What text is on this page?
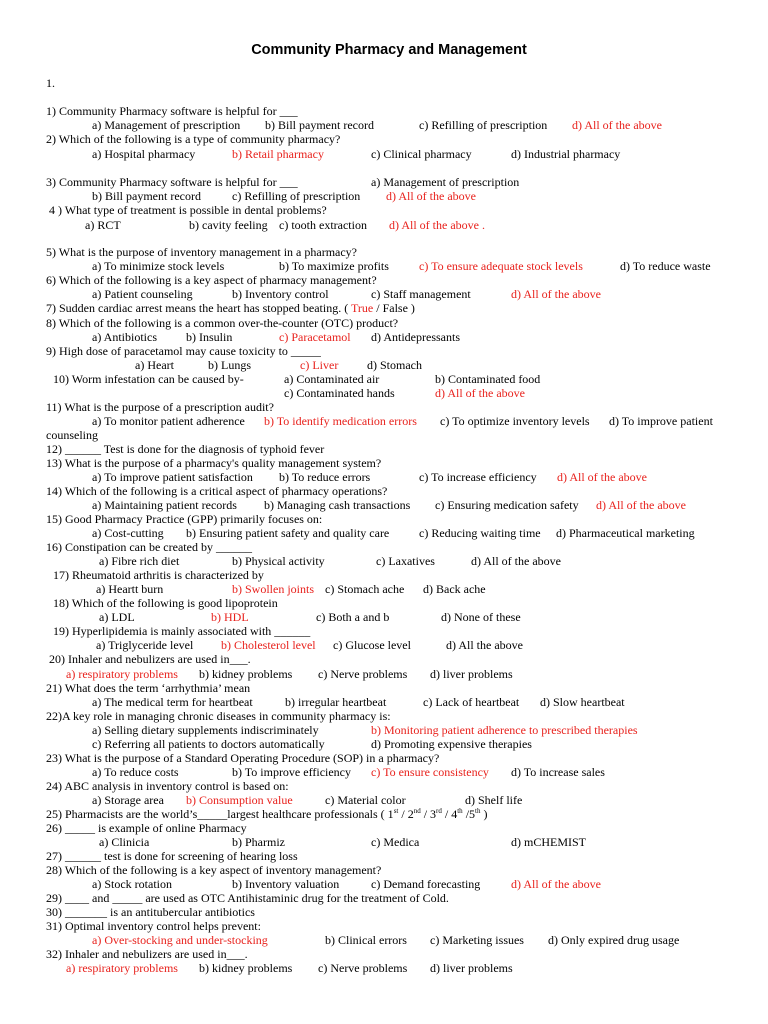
Community Pharmacy and Management
1.
1) Community Pharmacy software is helpful for ___
a) Management of prescription b) Bill payment record	c) Refilling of prescription d) All of the above
2) Which of the following is a type of community pharmacy?
a) Hospital pharmacy	b) Retail pharmacy	c) Clinical pharmacy	d) Industrial pharmacy
3) Community Pharmacy software is helpful for ___	a) Management of prescription
b) Bill payment record	c) Refilling of prescription d) All of the above
4 ) What type of treatment is possible in dental problems?
a) RCT	b) cavity feeling c) tooth extraction d) All of the above .
5) What is the purpose of inventory management in a pharmacy?
a) To minimize stock levels	b) To maximize profits	c) To ensure adequate stock levels	d) To reduce waste
6) Which of the following is a key aspect of pharmacy management?
a) Patient counseling	b) Inventory control	c) Staff management	d) All of the above
7) Sudden cardiac arrest means the heart has stopped beating. ( True / False )
8) Which of the following is a common over-the-counter (OTC) product?
a) Antibiotics b) Insulin	c) Paracetamol d) Antidepressants
9) High dose of paracetamol may cause toxicity to _____
a) Heart	b) Lungs	c) Liver d) Stomach
10) Worm infestation can be caused by-	a) Contaminated air	b) Contaminated food
c) Contaminated hands	d) All of the above
11) What is the purpose of a prescription audit?
a) To monitor patient adherence b) To identify medication errors c) To optimize inventory levels d) To improve patient
counseling
12) ______ Test is done for the diagnosis of typhoid fever
13) What is the purpose of a pharmacy's quality management system?
a) To improve patient satisfaction b) To reduce errors	c) To increase efficiency d) All of the above
14) Which of the following is a critical aspect of pharmacy operations?
a) Maintaining patient records b) Managing cash transactions c) Ensuring medication safety d) All of the above
15) Good Pharmacy Practice (GPP) primarily focuses on:
a) Cost-cutting b) Ensuring patient safety and quality care c) Reducing waiting time d) Pharmaceutical marketing
16) Constipation can be created by ______
a) Fibre rich diet	b) Physical activity	c) Laxatives	d) All of the above
17) Rheumatoid arthritis is characterized by
a) Heartt burn	b) Swollen joints c) Stomach ache d) Back ache
18) Which of the following is good lipoprotein
a) LDL	b) HDL	c) Both a and b	d) None of these
19) Hyperlipidemia is mainly associated with ______
a) Triglyceride level b) Cholesterol level c) Glucose level	d) All the above
20) Inhaler and nebulizers are used in___.
a) respiratory problems b) kidney problems c) Nerve problems d) liver problems
21) What does the term ‘arrhythmia’ mean
a) The medical term for heartbeat	b) irregular heartbeat	c) Lack of heartbeat d) Slow heartbeat
22)A key role in managing chronic diseases in community pharmacy is:
a) Selling dietary supplements indiscriminately	b) Monitoring patient adherence to prescribed therapies
c) Referring all patients to doctors automatically	d) Promoting expensive therapies
23) What is the purpose of a Standard Operating Procedure (SOP) in a pharmacy?
a) To reduce costs	b) To improve efficiency c) To ensure consistency d) To increase sales
24) ABC analysis in inventory control is based on:
a) Storage area b) Consumption value	c) Material color	d) Shelf life
25) Pharmacists are the world’s_____largest healthcare professionals ( 1st / 2nd / 3rd / 4th /5th )
26) _____ is example of online Pharmacy
a) Clinicia	b) Pharmiz	c) Medica	d) mCHEMIST
27) ______ test is done for screening of hearing loss
28) Which of the following is a key aspect of inventory management?
a) Stock rotation	b) Inventory valuation	c) Demand forecasting	d) All of the above
29) ____ and _____ are used as OTC Antihistaminic drug for the treatment of Cold.
30) _______ is an antitubercular antibiotics
31) Optimal inventory control helps prevent:
a) Over-stocking and under-stocking	b) Clinical errors c) Marketing issues d) Only expired drug usage
32) Inhaler and nebulizers are used in___.
a) respiratory problems b) kidney problems c) Nerve problems d) liver problems
